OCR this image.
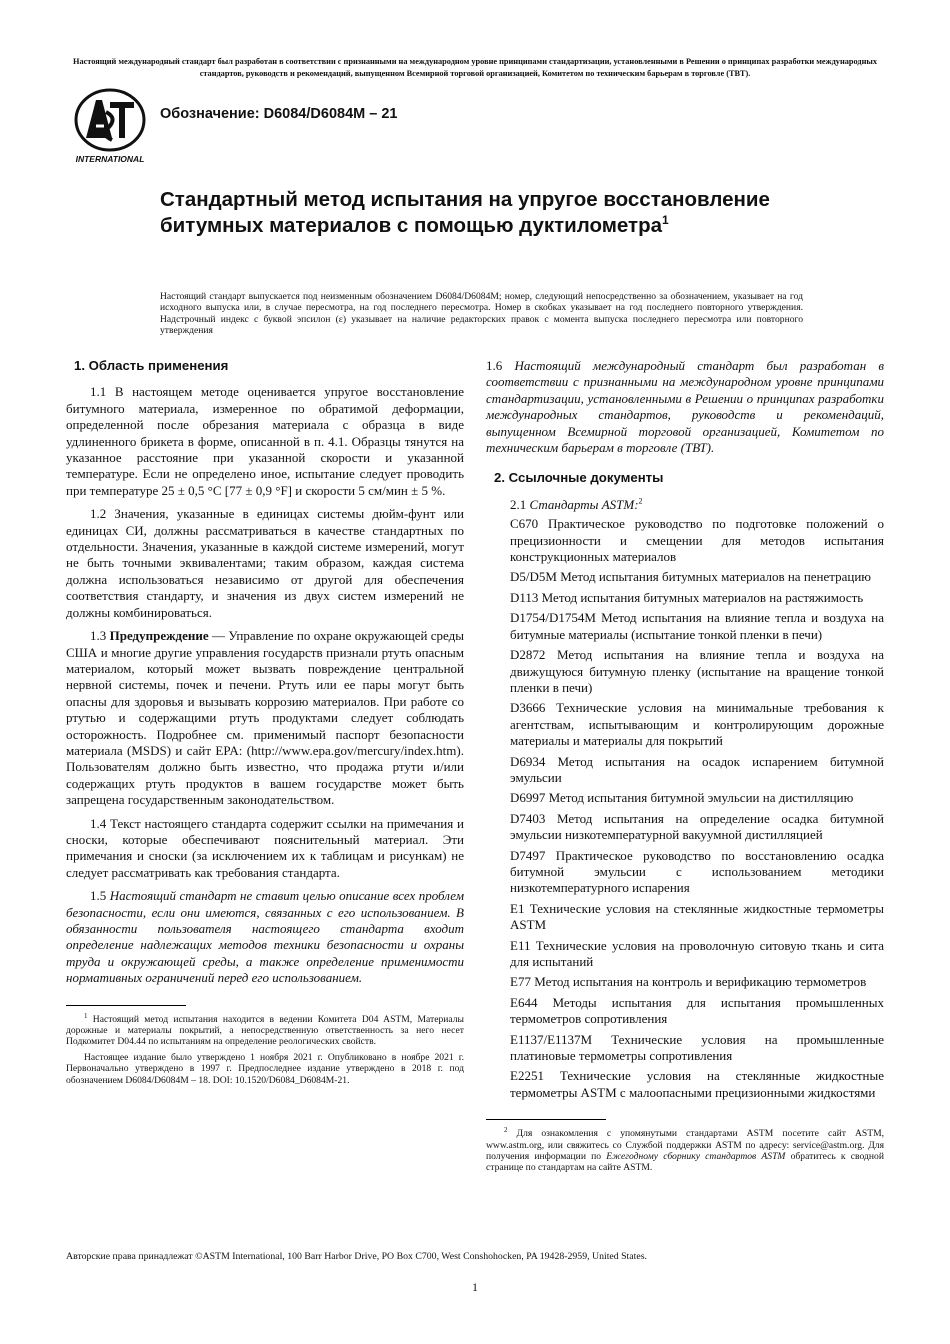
Настоящий международный стандарт был разработан в соответствии с признанными на международном уровне принципами стандартизации, установленными в Решении о принципах разработки международных стандартов, руководств и рекомендаций, выпущенном Всемирной торговой организацией, Комитетом по техническим барьерам в торговле (ТВТ).
INTERNATIONAL
Обозначение: D6084/D6084M – 21
Стандартный метод испытания на упругое восстановление битумных материалов с помощью дуктилометра$^1$
Настоящий стандарт выпускается под неизменным обозначением D6084/D6084M; номер, следующий непосредственно за обозначением, указывает на год исходного выпуска или, в случае пересмотра, на год последнего пересмотра. Номер в скобках указывает на год последнего повторного утверждения. Надстрочный индекс с буквой эпсилон (ε) указывает на наличие редакторских правок с момента выпуска последнего пересмотра или повторного утверждения
1. Область применения

1.1 В настоящем методе оценивается упругое восстановление битумного материала, измеренное по обратимой деформации, определенной после обрезания материала с образца в виде удлиненного брикета в форме, описанной в п. 4.1. Образцы тянутся на указанное расстояние при указанной скорости и указанной температуре. Если не определено иное, испытание следует проводить при температуре 25 ± 0,5 °C [77 ± 0,9 °F] и скорости 5 см/мин ± 5 %.

1.2 Значения, указанные в единицах системы дюйм-фунт или единицах СИ, должны рассматриваться в качестве стандартных по отдельности. Значения, указанные в каждой системе измерений, могут не быть точными эквивалентами; таким образом, каждая система должна использоваться независимо от другой для обеспечения соответствия стандарту, и значения из двух систем измерений не должны комбинироваться.

1.3 Предупреждение — Управление по охране окружающей среды США и многие другие управления государств признали ртуть опасным материалом, который может вызвать повреждение центральной нервной системы, почек и печени. Ртуть или ее пары могут быть опасны для здоровья и вызывать коррозию материалов. При работе со ртутью и содержащими ртуть продуктами следует соблюдать осторожность. Подробнее см. применимый паспорт безопасности материала (MSDS) и сайт EPA: (http://www.epa.gov/mercury/index.htm). Пользователям должно быть известно, что продажа ртути и/или содержащих ртуть продуктов в вашем государстве может быть запрещена государственным законодательством.

1.4 Текст настоящего стандарта содержит ссылки на примечания и сноски, которые обеспечивают пояснительный материал. Эти примечания и сноски (за исключением их к таблицам и рисункам) не следует рассматривать как требования стандарта.

1.5 Настоящий стандарт не ставит целью описание всех проблем безопасности, если они имеются, связанных с его использованием. В обязанности пользователя настоящего стандарта входит определение надлежащих методов техники безопасности и охраны труда и окружающей среды, а также определение применимости нормативных ограничений перед его использованием.

$^1$ Настоящий метод испытания находится в ведении Комитета D04 ASTM, Материалы дорожные и материалы покрытий, а непосредственную ответственность за него несет Подкомитет D04.44 по испытаниям на определение реологических свойств.

Настоящее издание было утверждено 1 ноября 2021 г. Опубликовано в ноябре 2021 г. Первоначально утверждено в 1997 г. Предпоследнее издание утверждено в 2018 г. под обозначением D6084/D6084M – 18. DOI: 10.1520/D6084_D6084M-21.

1.6 Настоящий международный стандарт был разработан в соответствии с признанными на международном уровне принципами стандартизации, установленными в Решении о принципах разработки международных стандартов, руководств и рекомендаций, выпущенном Всемирной торговой организацией, Комитетом по техническим барьерам в торговле (ТВТ).

2. Ссылочные документы
2.1 Стандарты ASTM:$^2$

C670 Практическое руководство по подготовке положений о прецизионности и смещении для методов испытания конструкционных материалов

D5/D5M Метод испытания битумных материалов на пенетрацию

D113 Метод испытания битумных материалов на растяжимость

D1754/D1754M Метод испытания на влияние тепла и воздуха на битумные материалы (испытание тонкой пленки в печи)

D2872 Метод испытания на влияние тепла и воздуха на движущуюся битумную пленку (испытание на вращение тонкой пленки в печи)

D3666 Технические условия на минимальные требования к агентствам, испытывающим и контролирующим дорожные материалы и материалы для покрытий

D6934 Метод испытания на осадок испарением битумной эмульсии

D6997 Метод испытания битумной эмульсии на дистилляцию

D7403 Метод испытания на определение осадка битумной эмульсии низкотемпературной вакуумной дистилляцией

D7497 Практическое руководство по восстановлению осадка битумной эмульсии с использованием методики низкотемпературного испарения

E1 Технические условия на стеклянные жидкостные термометры ASTM

E11 Технические условия на проволочную ситовую ткань и сита для испытаний

E77 Метод испытания на контроль и верификацию термометров

E644 Методы испытания для испытания промышленных термометров сопротивления

E1137/E1137M Технические условия на промышленные платиновые термометры сопротивления

E2251 Технические условия на стеклянные жидкостные термометры ASTM с малоопасными прецизионными жидкостями

$^2$ Для ознакомления с упомянутыми стандартами ASTM посетите сайт ASTM, www.astm.org, или свяжитесь со Службой поддержки ASTM по адресу: service@astm.org. Для получения информации по Ежегодному сборнику стандартов ASTM обратитесь к сводной странице по стандартам на сайте ASTM.

Авторские права принадлежат ©ASTM International, 100 Barr Harbor Drive, PO Box C700, West Conshohocken, PA 19428-2959, United States.
1
